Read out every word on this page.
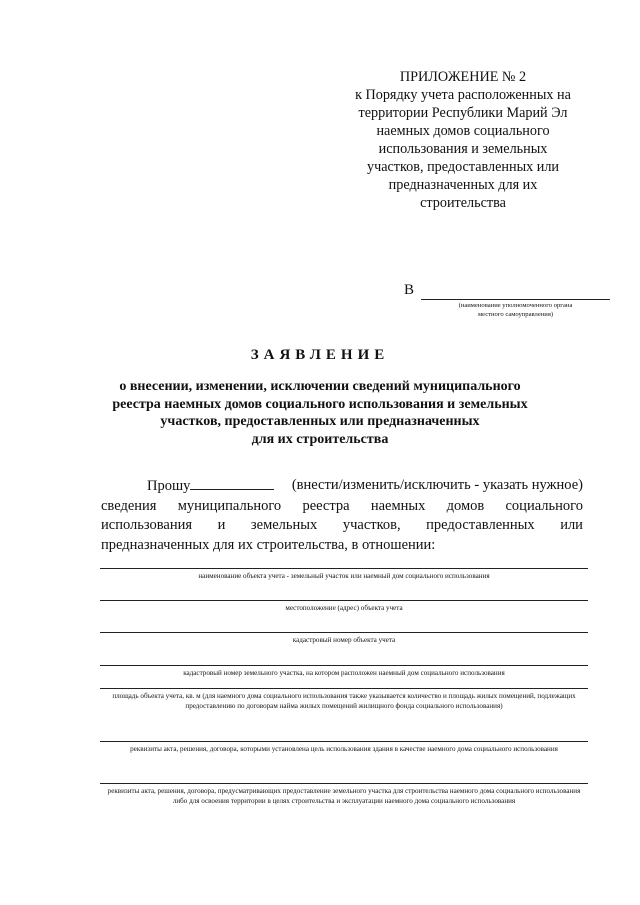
ПРИЛОЖЕНИЕ № 2
к Порядку учета расположенных на
территории Республики Марий Эл
наемных домов социального
использования и земельных
участков, предоставленных или
предназначенных для их
строительства
В
(наименование уполномоченного органа
местного самоуправления)
ЗАЯВЛЕНИЕ
о внесении, изменении, исключении сведений муниципального
реестра наемных домов социального использования и земельных
участков, предоставленных или предназначенных
для их строительства
Прошу	(внести/изменить/исключить - указать нужное)
сведения муниципального реестра наемных домов социального
использования и земельных участков, предоставленных или
предназначенных для их строительства, в отношении:
наименование объекта учета - земельный участок или наемный дом социального использования
местоположение (адрес) объекта учета
кадастровый номер объекта учета
кадастровый номер земельного участка, на котором расположен наемный дом социального использования
площадь объекта учета, кв. м (для наемного дома социального использования также указывается количество и площадь жилых помещений, подлежащих предоставлению по договорам найма жилых помещений жилищного фонда социального использования)
реквизиты акта, решения, договора, которыми установлена цель использования здания в качестве наемного дома социального использования
реквизиты акта, решения, договора, предусматривающих предоставление земельного участка для строительства наемного дома социального использования либо для освоения территории в целях строительства и эксплуатации наемного дома социального использования
